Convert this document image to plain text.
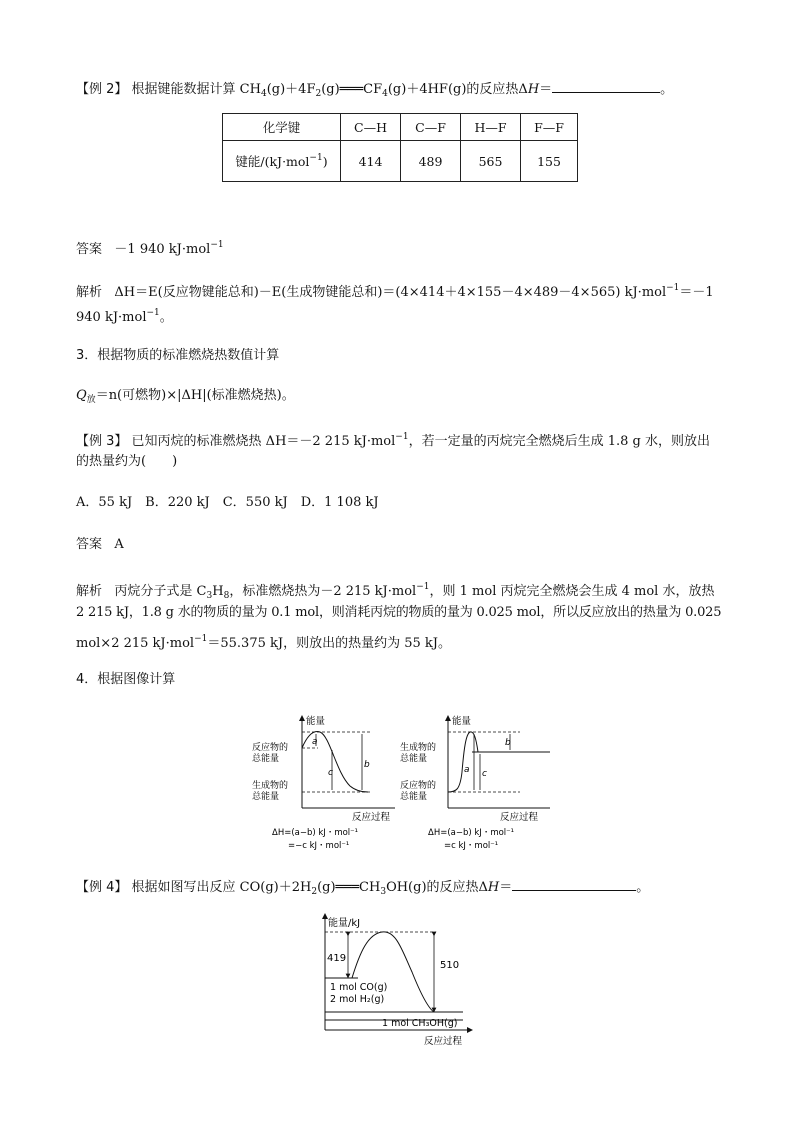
【例 2】 根据键能数据计算 $CH_4(g)+4F_2(g)═══CF_4(g)+4HF(g)$的反应热ΔH＝	。
化学键	C—H	C—F	H—F	F—F
键能/(kJ·mol$^{-1}$)	414	489	565	155
答案 －1 940 kJ·mol$^{-1}$
解析 ΔH＝E(反应物键能总和)－E(生成物键能总和)＝(4×414＋4×155－4×489－4×565) kJ·mol$^{-1}$＝－1
940 kJ·mol$^{-1}$。
3．根据物质的标准燃烧热数值计算
$Q_放=n$(可燃物)×|ΔH|(标准燃烧热)。
【例 3】 已知丙烷的标准燃烧热 ΔH＝－2 215 kJ·mol$^{-1}$，若一定量的丙烷完全燃烧后生成 1.8 g 水，则放出
的热量约为(　　)
A．55 kJ　B．220 kJ　C．550 kJ　D．1 108 kJ
答案 A
解析 丙烷分子式是 $C_3H_8$，标准燃烧热为－2 215 kJ·mol$^{-1}$，则 1 mol 丙烷完全燃烧会生成 4 mol 水，放热
2 215 kJ，1.8 g 水的物质的量为 0.1 mol，则消耗丙烷的物质的量为 0.025 mol，所以反应放出的热量为 0.025
mol×2 215 kJ·mol$^{-1}$＝55.375 kJ，则放出的热量约为 55 kJ。
4．根据图像计算
能量
反应物的
总能量
生成物的
总能量
a
c
b
反应过程
ΔH=(a−b) kJ・mol⁻¹
=−c kJ・mol⁻¹
能量
生成物的
总能量
反应物的
总能量
a c
b
反应过程
ΔH=(a−b) kJ・mol⁻¹
=c kJ・mol⁻¹
【例 4】 根据如图写出反应 $CO(g)+2H_2(g)═══CH_3OH(g)$的反应热ΔH＝	。
能量/kJ
419
510
1 mol CO(g)
2 mol H₂(g)
1 mol CH₃OH(g)
反应过程
